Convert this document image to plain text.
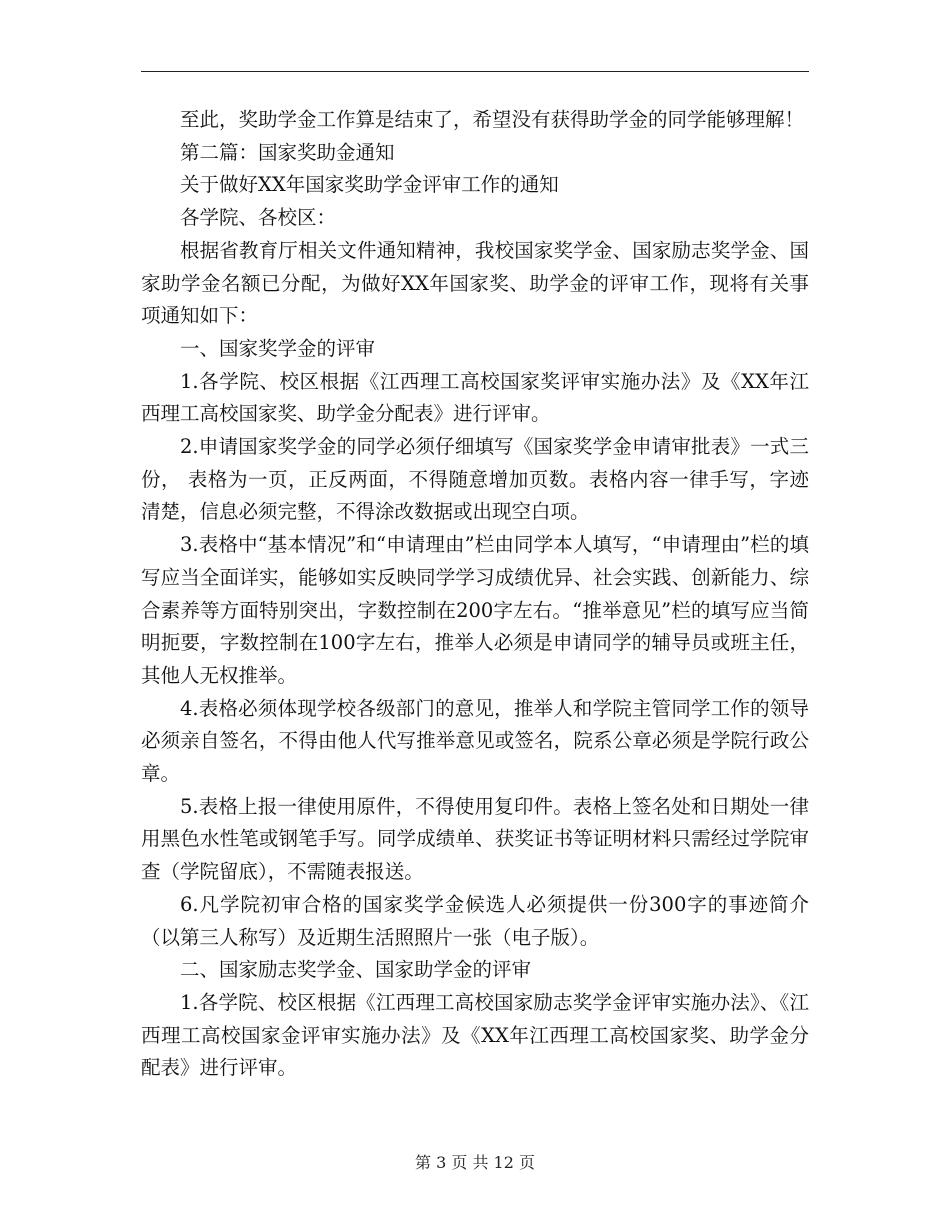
至此，奖助学金工作算是结束了，希望没有获得助学金的同学能够理解！

第二篇：国家奖助金通知

关于做好XX年国家奖助学金评审工作的通知

各学院、各校区：

根据省教育厅相关文件通知精神，我校国家奖学金、国家励志奖学金、国家助学金名额已分配，为做好XX年国家奖、助学金的评审工作，现将有关事项通知如下：

一、国家奖学金的评审

1.各学院、校区根据《江西理工高校国家奖评审实施办法》及《XX年江西理工高校国家奖、助学金分配表》进行评审。

2.申请国家奖学金的同学必须仔细填写《国家奖学金申请审批表》一式三份， 表格为一页，正反两面，不得随意增加页数。表格内容一律手写，字迹清楚，信息必须完整，不得涂改数据或出现空白项。

3.表格中“基本情况”和“申请理由”栏由同学本人填写，“申请理由”栏的填写应当全面详实，能够如实反映同学学习成绩优异、社会实践、创新能力、综合素养等方面特别突出，字数控制在200字左右。“推举意见”栏的填写应当简明扼要，字数控制在100字左右，推举人必须是申请同学的辅导员或班主任，其他人无权推举。

4.表格必须体现学校各级部门的意见，推举人和学院主管同学工作的领导必须亲自签名，不得由他人代写推举意见或签名，院系公章必须是学院行政公章。

5.表格上报一律使用原件，不得使用复印件。表格上签名处和日期处一律用黑色水性笔或钢笔手写。同学成绩单、获奖证书等证明材料只需经过学院审查（学院留底），不需随表报送。

6.凡学院初审合格的国家奖学金候选人必须提供一份300字的事迹简介（以第三人称写）及近期生活照照片一张（电子版）。

二、国家励志奖学金、国家助学金的评审

1.各学院、校区根据《江西理工高校国家励志奖学金评审实施办法》、《江西理工高校国家金评审实施办法》及《XX年江西理工高校国家奖、助学金分配表》进行评审。

第 3 页 共 12 页
